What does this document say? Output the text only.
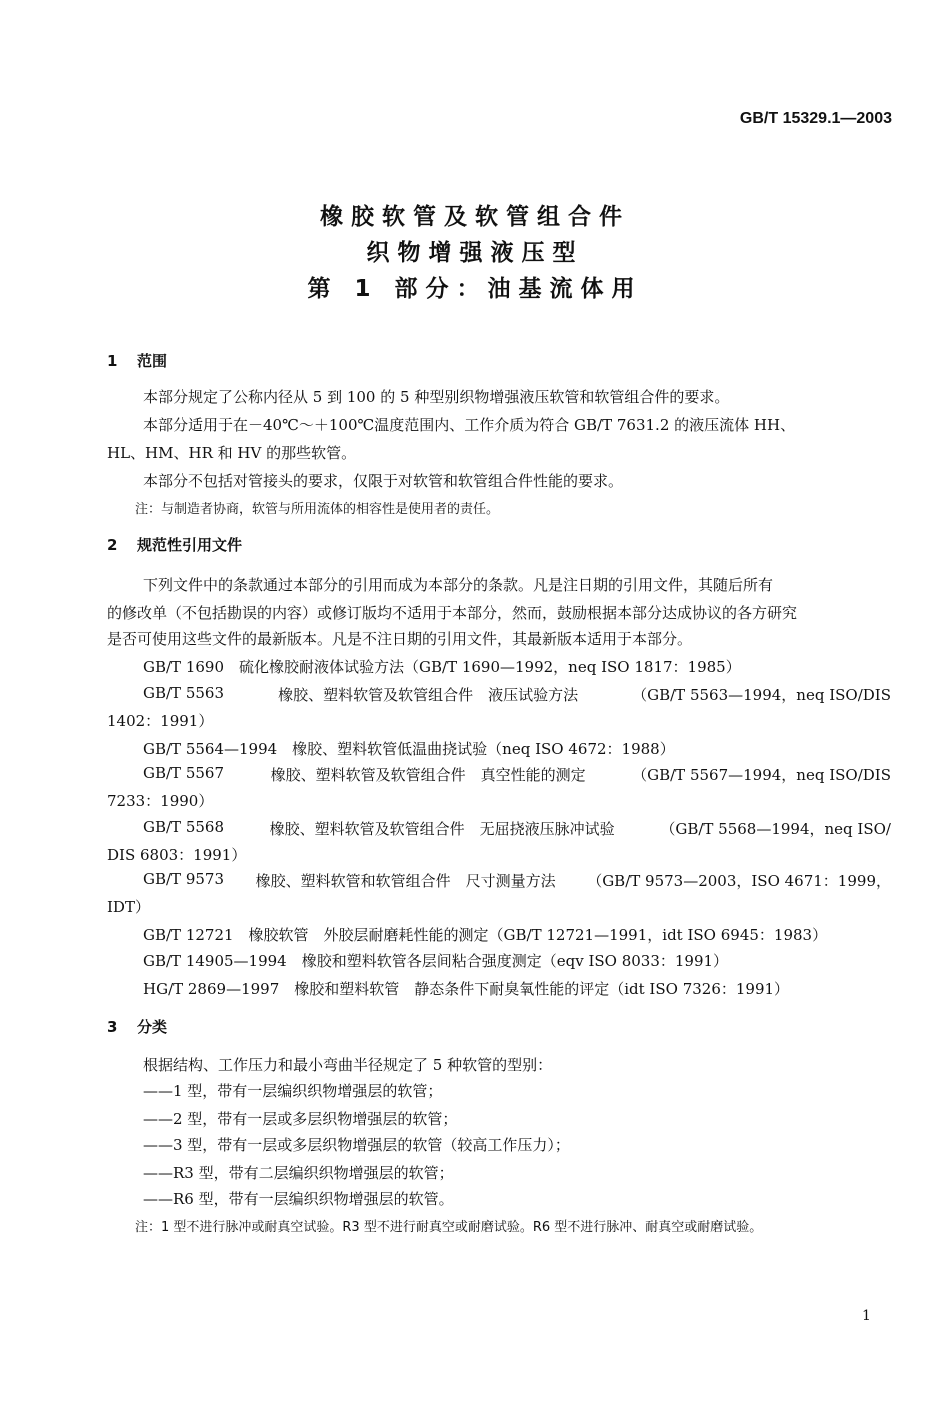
GB/T 15329.1—2003
橡胶软管及软管组合件
织物增强液压型
第 1 部分：油基流体用
1 范围
本部分规定了公称内径从 5 到 100 的 5 种型别织物增强液压软管和软管组合件的要求。
本部分适用于在－40℃～＋100℃温度范围内、工作介质为符合 GB/T 7631.2 的液压流体 HH、
HL、HM、HR 和 HV 的那些软管。
本部分不包括对管接头的要求，仅限于对软管和软管组合件性能的要求。
注：与制造者协商，软管与所用流体的相容性是使用者的责任。
2 规范性引用文件
下列文件中的条款通过本部分的引用而成为本部分的条款。凡是注日期的引用文件，其随后所有
的修改单（不包括勘误的内容）或修订版均不适用于本部分，然而，鼓励根据本部分达成协议的各方研究
是否可使用这些文件的最新版本。凡是不注日期的引用文件，其最新版本适用于本部分。
GB/T 1690　硫化橡胶耐液体试验方法（GB/T 1690—1992，neq ISO 1817：1985）
GB/T 5563	橡胶、塑料软管及软管组合件　液压试验方法	（GB/T 5563—1994，neq ISO/DIS
1402：1991）
GB/T 5564—1994　橡胶、塑料软管低温曲挠试验（neq ISO 4672：1988）
GB/T 5567	橡胶、塑料软管及软管组合件　真空性能的测定	（GB/T 5567—1994，neq ISO/DIS
7233：1990）
GB/T 5568	橡胶、塑料软管及软管组合件　无屈挠液压脉冲试验	（GB/T 5568—1994，neq ISO/
DIS 6803：1991）
GB/T 9573 橡胶、塑料软管和软管组合件　尺寸测量方法 （GB/T 9573—2003，ISO 4671：1999，
IDT）
GB/T 12721　橡胶软管　外胶层耐磨耗性能的测定（GB/T 12721—1991，idt ISO 6945：1983）
GB/T 14905—1994　橡胶和塑料软管各层间粘合强度测定（eqv ISO 8033：1991）
HG/T 2869—1997　橡胶和塑料软管　静态条件下耐臭氧性能的评定（idt ISO 7326：1991）
3 分类
根据结构、工作压力和最小弯曲半径规定了 5 种软管的型别：
——1 型，带有一层编织织物增强层的软管；
——2 型，带有一层或多层织物增强层的软管；
——3 型，带有一层或多层织物增强层的软管（较高工作压力）；
——R3 型，带有二层编织织物增强层的软管；
——R6 型，带有一层编织织物增强层的软管。
注：1 型不进行脉冲或耐真空试验。R3 型不进行耐真空或耐磨试验。R6 型不进行脉冲、耐真空或耐磨试验。
1
